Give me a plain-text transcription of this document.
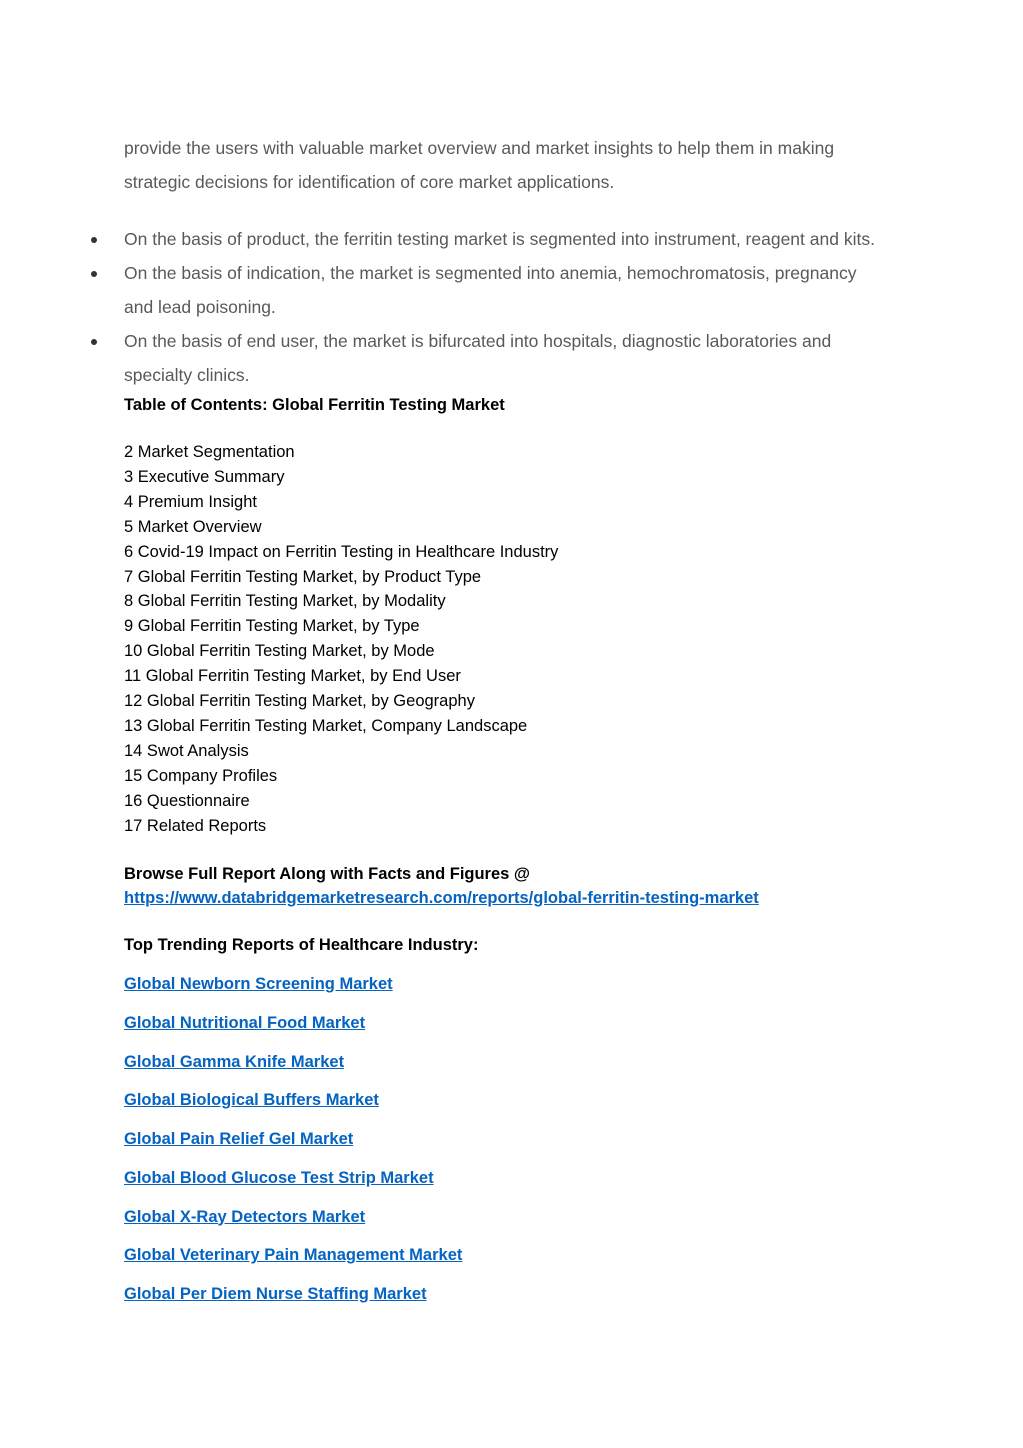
provide the users with valuable market overview and market insights to help them in making
strategic decisions for identification of core market applications.
On the basis of product, the ferritin testing market is segmented into instrument, reagent and kits.
On the basis of indication, the market is segmented into anemia, hemochromatosis, pregnancy
and lead poisoning.
On the basis of end user, the market is bifurcated into hospitals, diagnostic laboratories and
specialty clinics.

Table of Contents: Global Ferritin Testing Market

2 Market Segmentation
3 Executive Summary
4 Premium Insight
5 Market Overview
6 Covid-19 Impact on Ferritin Testing in Healthcare Industry
7 Global Ferritin Testing Market, by Product Type
8 Global Ferritin Testing Market, by Modality
9 Global Ferritin Testing Market, by Type
10 Global Ferritin Testing Market, by Mode
11 Global Ferritin Testing Market, by End User
12 Global Ferritin Testing Market, by Geography
13 Global Ferritin Testing Market, Company Landscape
14 Swot Analysis
15 Company Profiles
16 Questionnaire
17 Related Reports

Browse Full Report Along with Facts and Figures @

https://www.databridgemarketresearch.com/reports/global-ferritin-testing-market

Top Trending Reports of Healthcare Industry:

Global Newborn Screening Market
Global Nutritional Food Market
Global Gamma Knife Market
Global Biological Buffers Market
Global Pain Relief Gel Market
Global Blood Glucose Test Strip Market
Global X-Ray Detectors Market
Global Veterinary Pain Management Market
Global Per Diem Nurse Staffing Market
